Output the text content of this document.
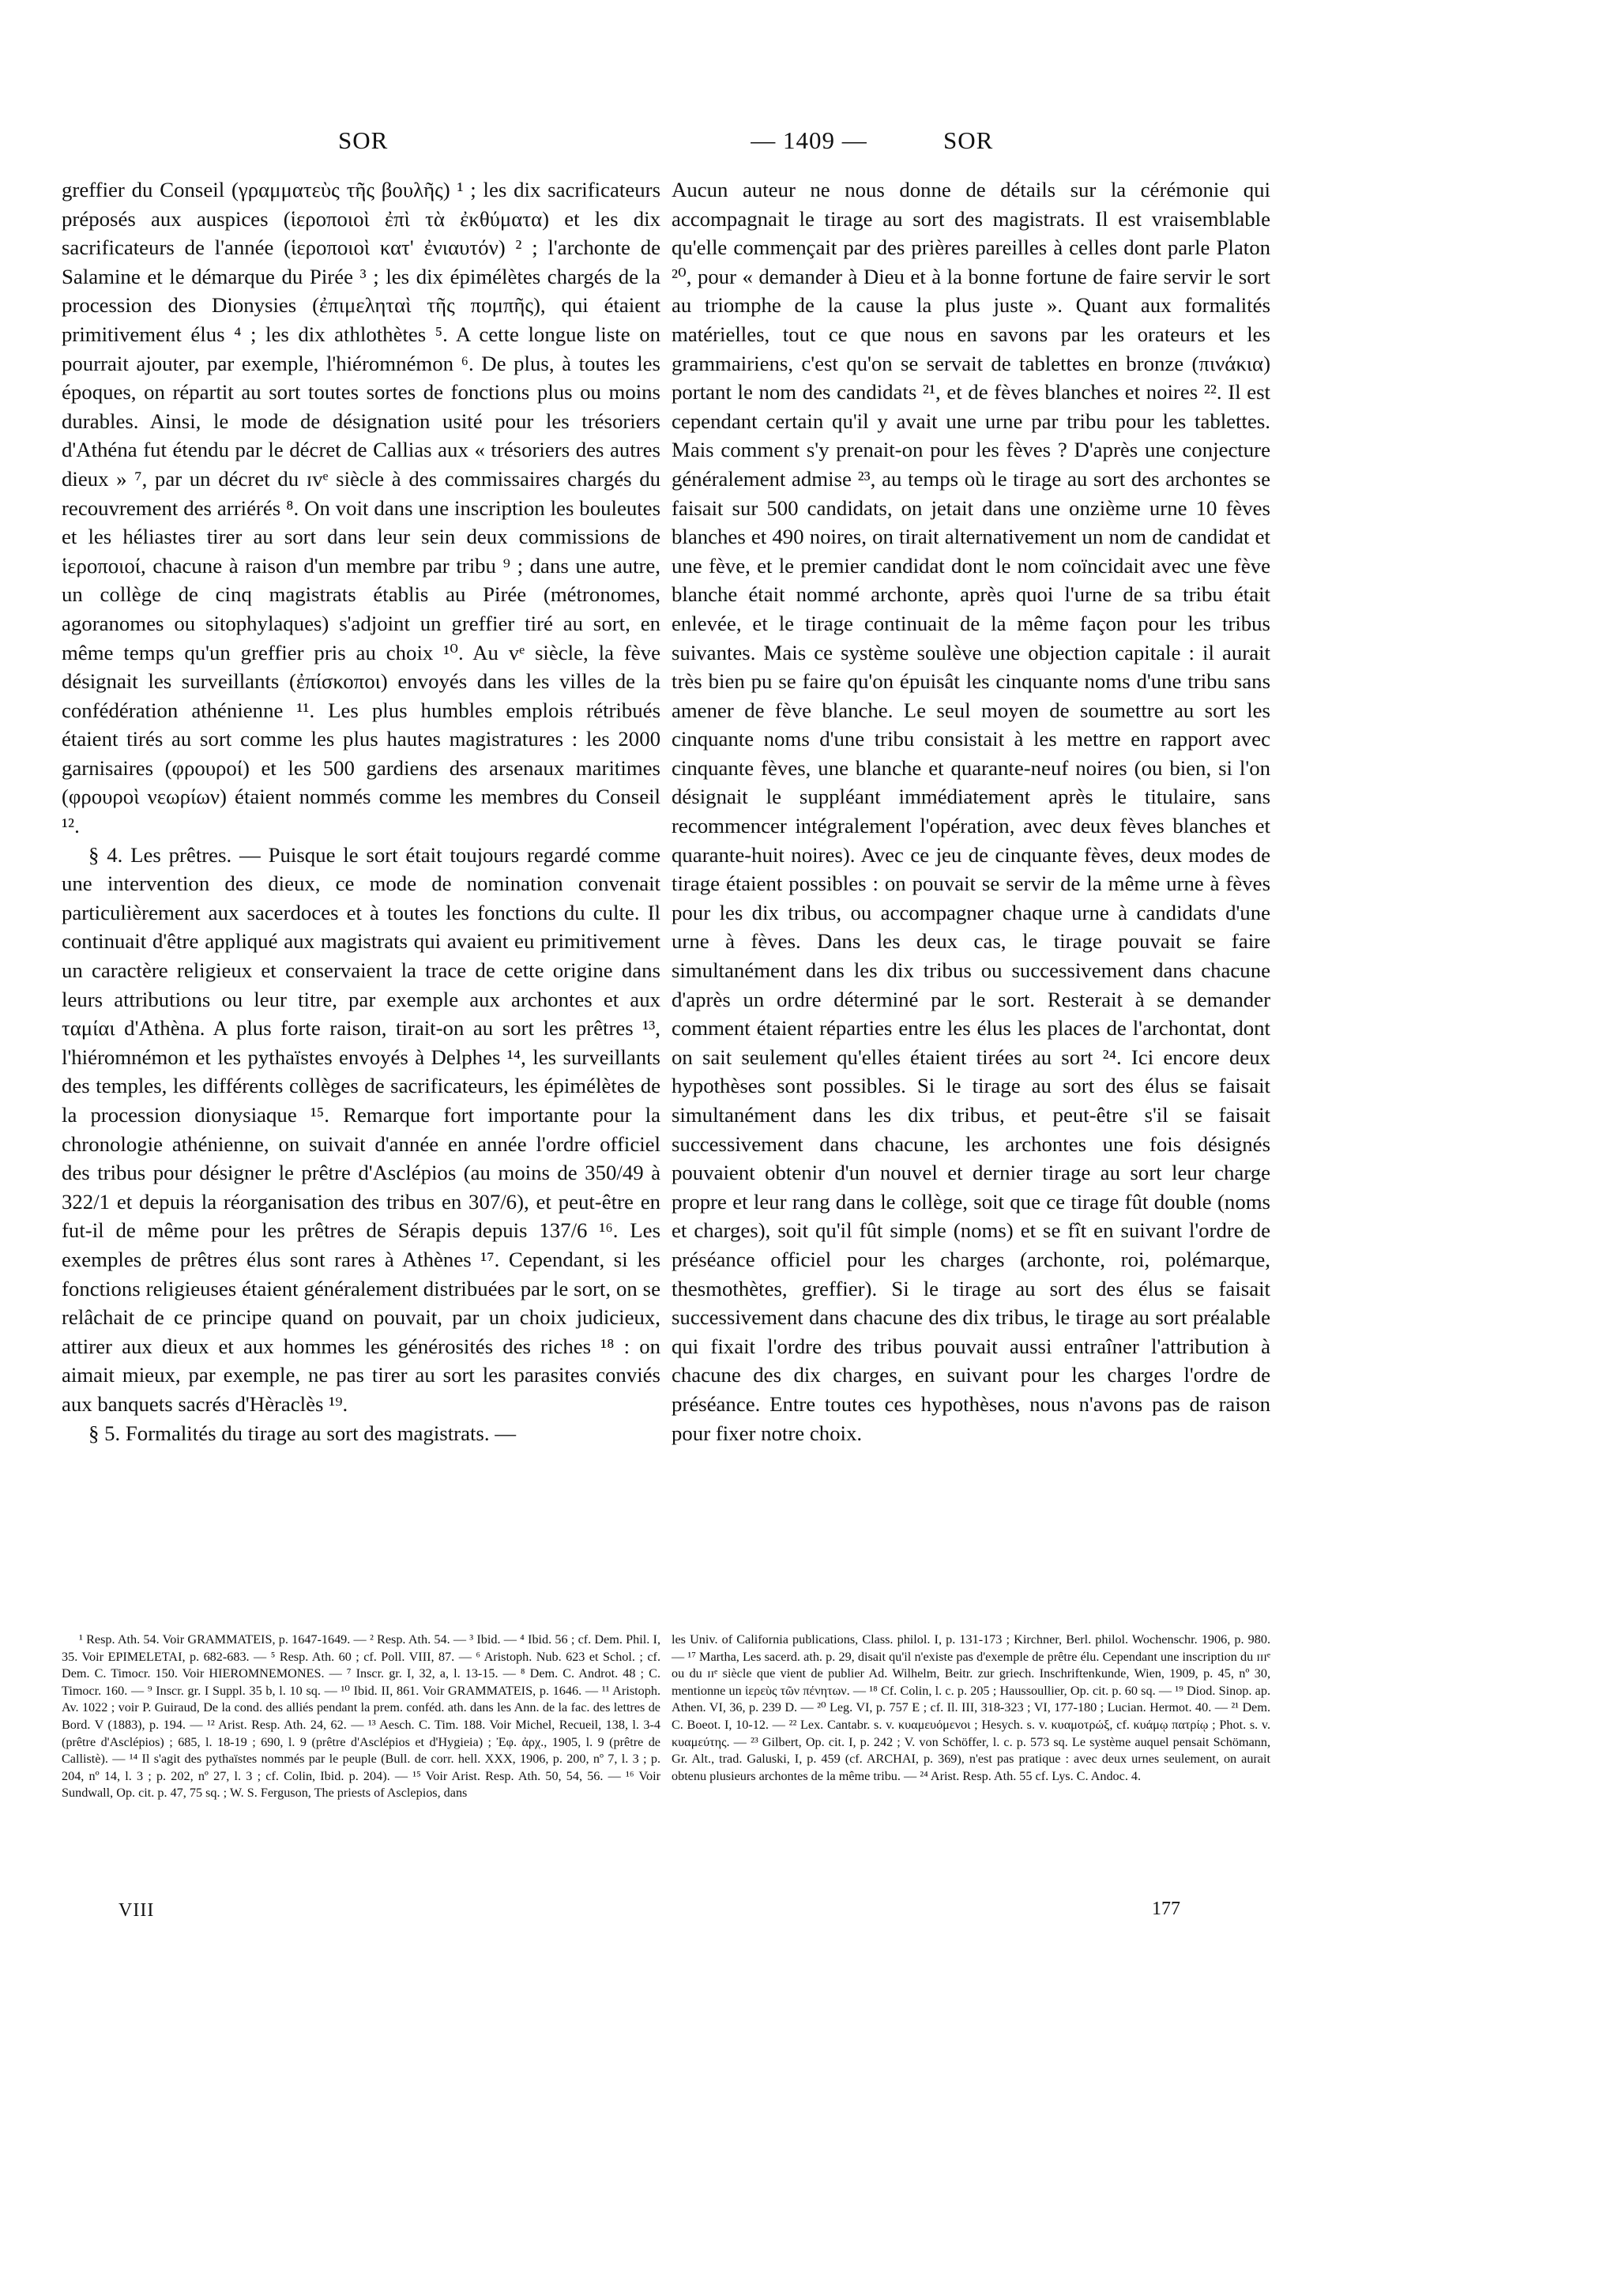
SOR	— 1409 —	SOR

greffier du Conseil (γραμματεὺς τῆς βουλῆς) ¹ ; les dix sacrificateurs préposés aux auspices (ἱεροποιοὶ ἐπὶ τὰ ἐκθύματα) et les dix sacrificateurs de l'année (ἱεροποιοὶ κατ' ἐνιαυτόν) ² ; l'archonte de Salamine et le démarque du Pirée ³ ; les dix épimélètes chargés de la procession des Dionysies (ἐπιμεληταὶ τῆς πομπῆς), qui étaient primitivement élus ⁴ ; les dix athlothètes ⁵. A cette longue liste on pourrait ajouter, par exemple, l'hiéromnémon ⁶. De plus, à toutes les époques, on répartit au sort toutes sortes de fonctions plus ou moins durables. Ainsi, le mode de désignation usité pour les trésoriers d'Athéna fut étendu par le décret de Callias aux « trésoriers des autres dieux » ⁷, par un décret du ɪᴠᵉ siècle à des commissaires chargés du recouvrement des arriérés ⁸. On voit dans une inscription les bouleutes et les héliastes tirer au sort dans leur sein deux commissions de ἱεροποιοί, chacune à raison d'un membre par tribu ⁹ ; dans une autre, un collège de cinq magistrats établis au Pirée (métronomes, agoranomes ou sitophylaques) s'adjoint un greffier tiré au sort, en même temps qu'un greffier pris au choix ¹⁰. Au ᴠᵉ siècle, la fève désignait les surveillants (ἐπίσκοποι) envoyés dans les villes de la confédération athénienne ¹¹. Les plus humbles emplois rétribués étaient tirés au sort comme les plus hautes magistratures : les 2000 garnisaires (φρουροί) et les 500 gardiens des arsenaux maritimes (φρουροὶ νεωρίων) étaient nommés comme les membres du Conseil ¹².

§ 4. Les prêtres. — Puisque le sort était toujours regardé comme une intervention des dieux, ce mode de nomination convenait particulièrement aux sacerdoces et à toutes les fonctions du culte. Il continuait d'être appliqué aux magistrats qui avaient eu primitivement un caractère religieux et conservaient la trace de cette origine dans leurs attributions ou leur titre, par exemple aux archontes et aux ταμίαι d'Athèna. A plus forte raison, tirait-on au sort les prêtres ¹³, l'hiéromnémon et les pythaïstes envoyés à Delphes ¹⁴, les surveillants des temples, les différents collèges de sacrificateurs, les épimélètes de la procession dionysiaque ¹⁵. Remarque fort importante pour la chronologie athénienne, on suivait d'année en année l'ordre officiel des tribus pour désigner le prêtre d'Asclépios (au moins de 350/49 à 322/1 et depuis la réorganisation des tribus en 307/6), et peut-être en fut-il de même pour les prêtres de Sérapis depuis 137/6 ¹⁶. Les exemples de prêtres élus sont rares à Athènes ¹⁷. Cependant, si les fonctions religieuses étaient généralement distribuées par le sort, on se relâchait de ce principe quand on pouvait, par un choix judicieux, attirer aux dieux et aux hommes les générosités des riches ¹⁸ : on aimait mieux, par exemple, ne pas tirer au sort les parasites conviés aux banquets sacrés d'Hèraclès ¹⁹.

§ 5. Formalités du tirage au sort des magistrats. —

Aucun auteur ne nous donne de détails sur la cérémonie qui accompagnait le tirage au sort des magistrats. Il est vraisemblable qu'elle commençait par des prières pareilles à celles dont parle Platon ²⁰, pour « demander à Dieu et à la bonne fortune de faire servir le sort au triomphe de la cause la plus juste ». Quant aux formalités matérielles, tout ce que nous en savons par les orateurs et les grammairiens, c'est qu'on se servait de tablettes en bronze (πινάκια) portant le nom des candidats ²¹, et de fèves blanches et noires ²². Il est cependant certain qu'il y avait une urne par tribu pour les tablettes. Mais comment s'y prenait-on pour les fèves ? D'après une conjecture généralement admise ²³, au temps où le tirage au sort des archontes se faisait sur 500 candidats, on jetait dans une onzième urne 10 fèves blanches et 490 noires, on tirait alternativement un nom de candidat et une fève, et le premier candidat dont le nom coïncidait avec une fève blanche était nommé archonte, après quoi l'urne de sa tribu était enlevée, et le tirage continuait de la même façon pour les tribus suivantes. Mais ce système soulève une objection capitale : il aurait très bien pu se faire qu'on épuisât les cinquante noms d'une tribu sans amener de fève blanche. Le seul moyen de soumettre au sort les cinquante noms d'une tribu consistait à les mettre en rapport avec cinquante fèves, une blanche et quarante-neuf noires (ou bien, si l'on désignait le suppléant immédiatement après le titulaire, sans recommencer intégralement l'opération, avec deux fèves blanches et quarante-huit noires). Avec ce jeu de cinquante fèves, deux modes de tirage étaient possibles : on pouvait se servir de la même urne à fèves pour les dix tribus, ou accompagner chaque urne à candidats d'une urne à fèves. Dans les deux cas, le tirage pouvait se faire simultanément dans les dix tribus ou successivement dans chacune d'après un ordre déterminé par le sort. Resterait à se demander comment étaient réparties entre les élus les places de l'archontat, dont on sait seulement qu'elles étaient tirées au sort ²⁴. Ici encore deux hypothèses sont possibles. Si le tirage au sort des élus se faisait simultanément dans les dix tribus, et peut-être s'il se faisait successivement dans chacune, les archontes une fois désignés pouvaient obtenir d'un nouvel et dernier tirage au sort leur charge propre et leur rang dans le collège, soit que ce tirage fût double (noms et charges), soit qu'il fût simple (noms) et se fît en suivant l'ordre de préséance officiel pour les charges (archonte, roi, polémarque, thesmothètes, greffier). Si le tirage au sort des élus se faisait successivement dans chacune des dix tribus, le tirage au sort préalable qui fixait l'ordre des tribus pouvait aussi entraîner l'attribution à chacune des dix charges, en suivant pour les charges l'ordre de préséance. Entre toutes ces hypothèses, nous n'avons pas de raison pour fixer notre choix.

¹ Resp. Ath. 54. Voir GRAMMATEIS, p. 1647-1649. — ² Resp. Ath. 54. — ³ Ibid. — ⁴ Ibid. 56 ; cf. Dem. Phil. I, 35. Voir EPIMELETAI, p. 682-683. — ⁵ Resp. Ath. 60 ; cf. Poll. VIII, 87. — ⁶ Aristoph. Nub. 623 et Schol. ; cf. Dem. C. Timocr. 150. Voir HIEROMNEMONES. — ⁷ Inscr. gr. I, 32, a, l. 13-15. — ⁸ Dem. C. Androt. 48 ; C. Timocr. 160. — ⁹ Inscr. gr. I Suppl. 35 b, l. 10 sq. — ¹⁰ Ibid. II, 861. Voir GRAMMATEIS, p. 1646. — ¹¹ Aristoph. Av. 1022 ; voir P. Guiraud, De la cond. des alliés pendant la prem. conféd. ath. dans les Ann. de la fac. des lettres de Bord. V (1883), p. 194. — ¹² Arist. Resp. Ath. 24, 62. — ¹³ Aesch. C. Tim. 188. Voir Michel, Recueil, 138, l. 3-4 (prêtre d'Asclépios) ; 685, l. 18-19 ; 690, l. 9 (prêtre d'Asclépios et d'Hygieia) ; Ἐφ. ἀρχ., 1905, l. 9 (prêtre de Callistè). — ¹⁴ Il s'agit des pythaïstes nommés par le peuple (Bull. de corr. hell. XXX, 1906, p. 200, nº 7, l. 3 ; p. 204, nº 14, l. 3 ; p. 202, nº 27, l. 3 ; cf. Colin, Ibid. p. 204). — ¹⁵ Voir Arist. Resp. Ath. 50, 54, 56. — ¹⁶ Voir Sundwall, Op. cit. p. 47, 75 sq. ; W. S. Ferguson, The priests of Asclepios, dans

les Univ. of California publications, Class. philol. I, p. 131-173 ; Kirchner, Berl. philol. Wochenschr. 1906, p. 980. — ¹⁷ Martha, Les sacerd. ath. p. 29, disait qu'il n'existe pas d'exemple de prêtre élu. Cependant une inscription du ɪɪɪᵉ ou du ɪɪᵉ siècle que vient de publier Ad. Wilhelm, Beitr. zur griech. Inschriftenkunde, Wien, 1909, p. 45, nº 30, mentionne un ἱερεὺς τῶν πένητων. — ¹⁸ Cf. Colin, l. c. p. 205 ; Haussoullier, Op. cit. p. 60 sq. — ¹⁹ Diod. Sinop. ap. Athen. VI, 36, p. 239 D. — ²⁰ Leg. VI, p. 757 E ; cf. Il. III, 318-323 ; VI, 177-180 ; Lucian. Hermot. 40. — ²¹ Dem. C. Boeot. I, 10-12. — ²² Lex. Cantabr. s. v. κυαμευόμενοι ; Hesych. s. v. κυαμοτρώξ, cf. κυάμῳ πατρίῳ ; Phot. s. v. κυαμεύτης. — ²³ Gilbert, Op. cit. I, p. 242 ; V. von Schöffer, l. c. p. 573 sq. Le système auquel pensait Schömann, Gr. Alt., trad. Galuski, I, p. 459 (cf. ARCHAI, p. 369), n'est pas pratique : avec deux urnes seulement, on aurait obtenu plusieurs archontes de la même tribu. — ²⁴ Arist. Resp. Ath. 55 cf. Lys. C. Andoc. 4.

VIII	177
